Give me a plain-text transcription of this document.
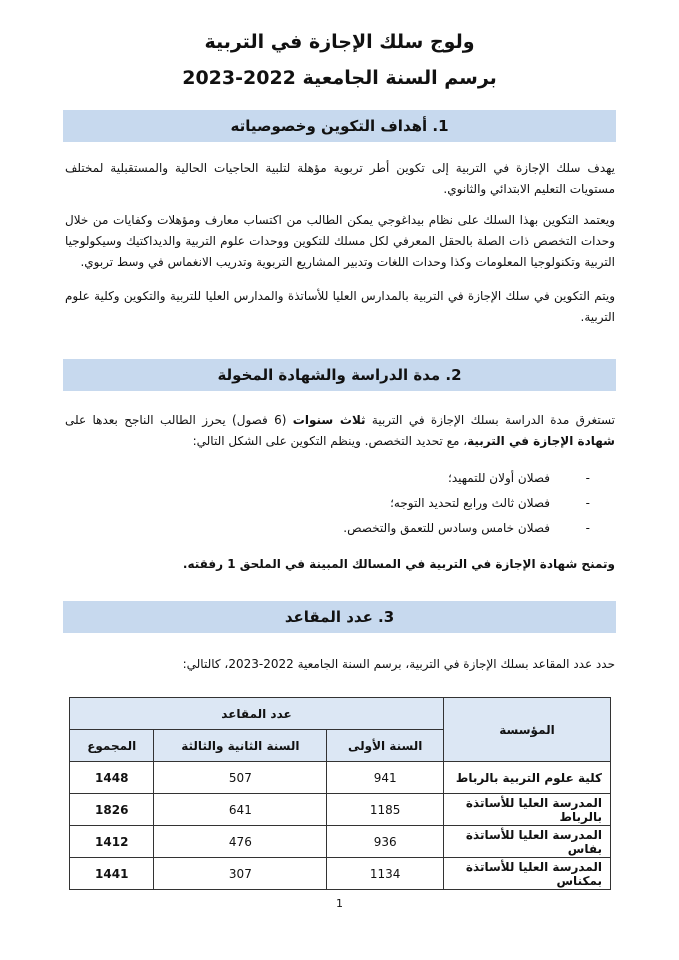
ولوج سلك الإجازة في التربية
برسم السنة الجامعية 2022-2023
1. أهداف التكوين وخصوصياته

يهدف سلك الإجازة في التربية إلى تكوين أطر تربوية مؤهلة لتلبية الحاجيات الحالية والمستقبلية لمختلف مستويات التعليم الابتدائي والثانوي.

ويعتمد التكوين بهذا السلك على نظام بيداغوجي يمكن الطالب من اكتساب معارف ومؤهلات وكفايات من خلال وحدات التخصص ذات الصلة بالحقل المعرفي لكل مسلك للتكوين ووحدات علوم التربية والديداكتيك وسيكولوجيا التربية وتكنولوجيا المعلومات وكذا وحدات اللغات وتدبير المشاريع التربوية وتدريب الانغماس في وسط تربوي.

ويتم التكوين في سلك الإجازة في التربية بالمدارس العليا للأساتذة والمدارس العليا للتربية والتكوين وكلية علوم التربية.

2. مدة الدراسة والشهادة المخولة

تستغرق مدة الدراسة بسلك الإجازة في التربية ثلاث سنوات (6 فصول) يحرز الطالب الناجح بعدها على شهادة الإجازة في التربية، مع تحديد التخصص. وينظم التكوين على الشكل التالي:

-
فصلان أولان للتمهيد؛
-
فصلان ثالث ورابع لتحديد التوجه؛
-
فصلان خامس وسادس للتعمق والتخصص.

وتمنح شهادة الإجازة في التربية في المسالك المبينة في الملحق 1 رفقته.

3. عدد المقاعد

حدد عدد المقاعد بسلك الإجازة في التربية، برسم السنة الجامعية 2022-2023، كالتالي:

المؤسسة	عدد المقاعد		
	السنة الأولى	السنة الثانية والثالثة	المجموع
كلية علوم التربية بالرباط	941	507	1448
المدرسة العليا للأساتذة بالرباط	1185	641	1826
المدرسة العليا للأساتذة بفاس	936	476	1412
المدرسة العليا للأساتذة بمكناس	1134	307	1441
1
